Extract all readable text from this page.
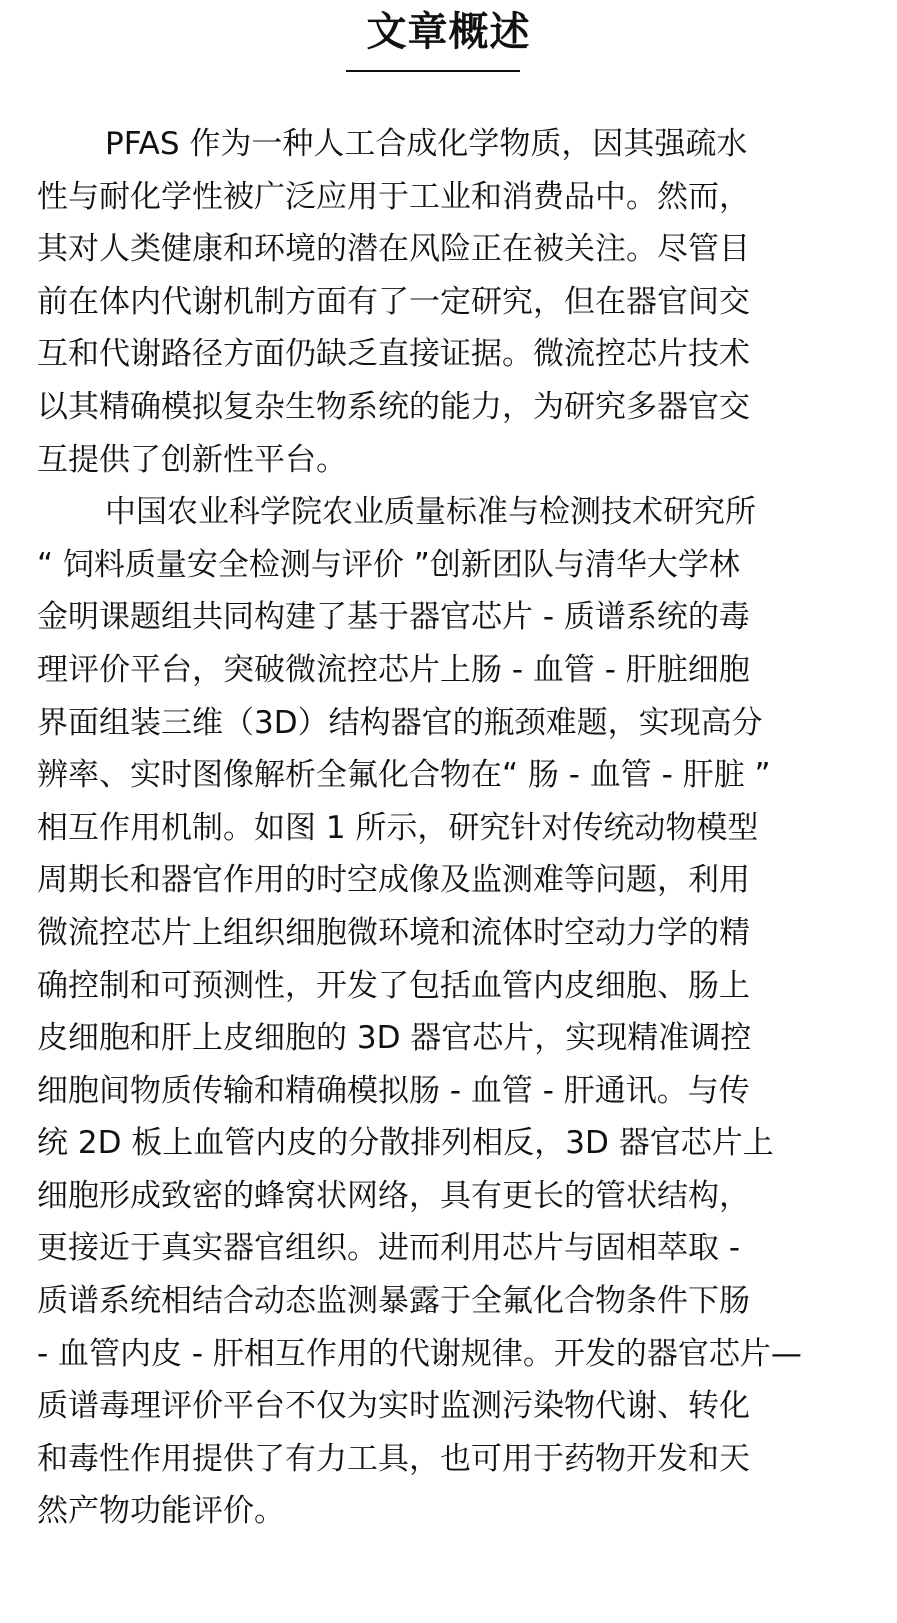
文章概述
PFAS 作为一种人工合成化学物质，因其强疏水
性与耐化学性被广泛应用于工业和消费品中。然而，
其对人类健康和环境的潜在风险正在被关注。尽管目
前在体内代谢机制方面有了一定研究，但在器官间交
互和代谢路径方面仍缺乏直接证据。微流控芯片技术
以其精确模拟复杂生物系统的能力，为研究多器官交
互提供了创新性平台。
中国农业科学院农业质量标准与检测技术研究所
“ 饲料质量安全检测与评价 ”创新团队与清华大学林
金明课题组共同构建了基于器官芯片 - 质谱系统的毒
理评价平台，突破微流控芯片上肠 - 血管 - 肝脏细胞
界面组装三维（3D）结构器官的瓶颈难题，实现高分
辨率、实时图像解析全氟化合物在“ 肠 - 血管 - 肝脏 ”
相互作用机制。如图 1 所示，研究针对传统动物模型
周期长和器官作用的时空成像及监测难等问题，利用
微流控芯片上组织细胞微环境和流体时空动力学的精
确控制和可预测性，开发了包括血管内皮细胞、肠上
皮细胞和肝上皮细胞的 3D 器官芯片，实现精准调控
细胞间物质传输和精确模拟肠 - 血管 - 肝通讯。与传
统 2D 板上血管内皮的分散排列相反，3D 器官芯片上
细胞形成致密的蜂窝状网络，具有更长的管状结构，
更接近于真实器官组织。进而利用芯片与固相萃取 -
质谱系统相结合动态监测暴露于全氟化合物条件下肠
- 血管内皮 - 肝相互作用的代谢规律。开发的器官芯片—
质谱毒理评价平台不仅为实时监测污染物代谢、转化
和毒性作用提供了有力工具，也可用于药物开发和天
然产物功能评价。
